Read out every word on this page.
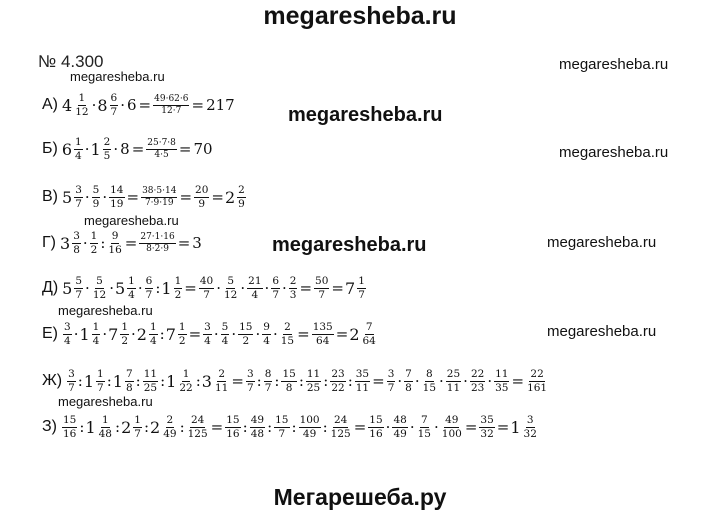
megaresheba.ru
№ 4.300
megaresheba.ru
megaresheba.ru
megaresheba.ru
megaresheba.ru
megaresheba.ru
megaresheba.ru	megaresheba.ru
megaresheba.ru
megaresheba.ru
megaresheba.ru
А) $4 \frac{1}{12} \cdot 8 \frac{6}{7} \cdot 6 = \frac{49\cdot 62\cdot 6}{12\cdot 7} = 217$
Б) $6 \frac{1}{4} \cdot 1 \frac{2}{5} \cdot 8 = \frac{25\cdot 7\cdot 8}{4\cdot 5} = 70$
В) $5 \frac{3}{7} \cdot \frac{5}{9} \cdot \frac{14}{19} = \frac{38\cdot 5\cdot 14}{7\cdot 9\cdot 19} = \frac{20}{9} = 2 \frac{2}{9}$
Г) $3 \frac{3}{8} \cdot \frac{1}{2}$ : $\frac{9}{16} = \frac{27\cdot 1\cdot 16}{8\cdot 2\cdot 9} = 3$
Д) $5 \frac{5}{7} \cdot \frac{5}{12} \cdot 5 \frac{1}{4} \cdot \frac{6}{7}$ : $1 \frac{1}{2} = \frac{40}{7} \cdot \frac{5}{12} \cdot \frac{21}{4} \cdot \frac{6}{7} \cdot \frac{2}{3} = \frac{50}{7} = 7 \frac{1}{7}$
$Е) \frac{3}{4} \cdot 1 \frac{1}{4} \cdot 7 \frac{1}{2} \cdot 2 \frac{1}{4}$ : $7 \frac{1}{2} = \frac{3}{4} \cdot \frac{5}{4} \cdot \frac{15}{2} \cdot \frac{9}{4} \cdot \frac{2}{15} = \frac{135}{64} = 2 \frac{7}{64}$
$Ж) \frac{3}{7}$ : $1 \frac{1}{7}$ : $1 \frac{7}{8}$ : $\frac{11}{25}$ : $1 \frac{1}{22}$ : $3 \frac{2}{11} = \frac{3}{7}$ : $\frac{8}{7}$ : $\frac{15}{8}$ : $\frac{11}{25}$ : $\frac{23}{22}$ : $\frac{35}{11} = \frac{3}{7} \cdot \frac{7}{8} \cdot \frac{8}{15} \cdot \frac{25}{11} \cdot \frac{22}{23} \cdot \frac{11}{35} = \frac{22}{161}$
$З) \frac{15}{16}$ : $1 \frac{1}{48}$ : $2 \frac{1}{7}$ : $2 \frac{2}{49}$ : $\frac{24}{125} = \frac{15}{16}$ : $\frac{49}{48}$ : $\frac{15}{7}$ : $\frac{100}{49}$ : $\frac{24}{125} = \frac{15}{16} \cdot \frac{48}{49} \cdot \frac{7}{15} \cdot \frac{49}{100} = \frac{35}{32} = 1 \frac{3}{32}$
Мегарешеба.ру
